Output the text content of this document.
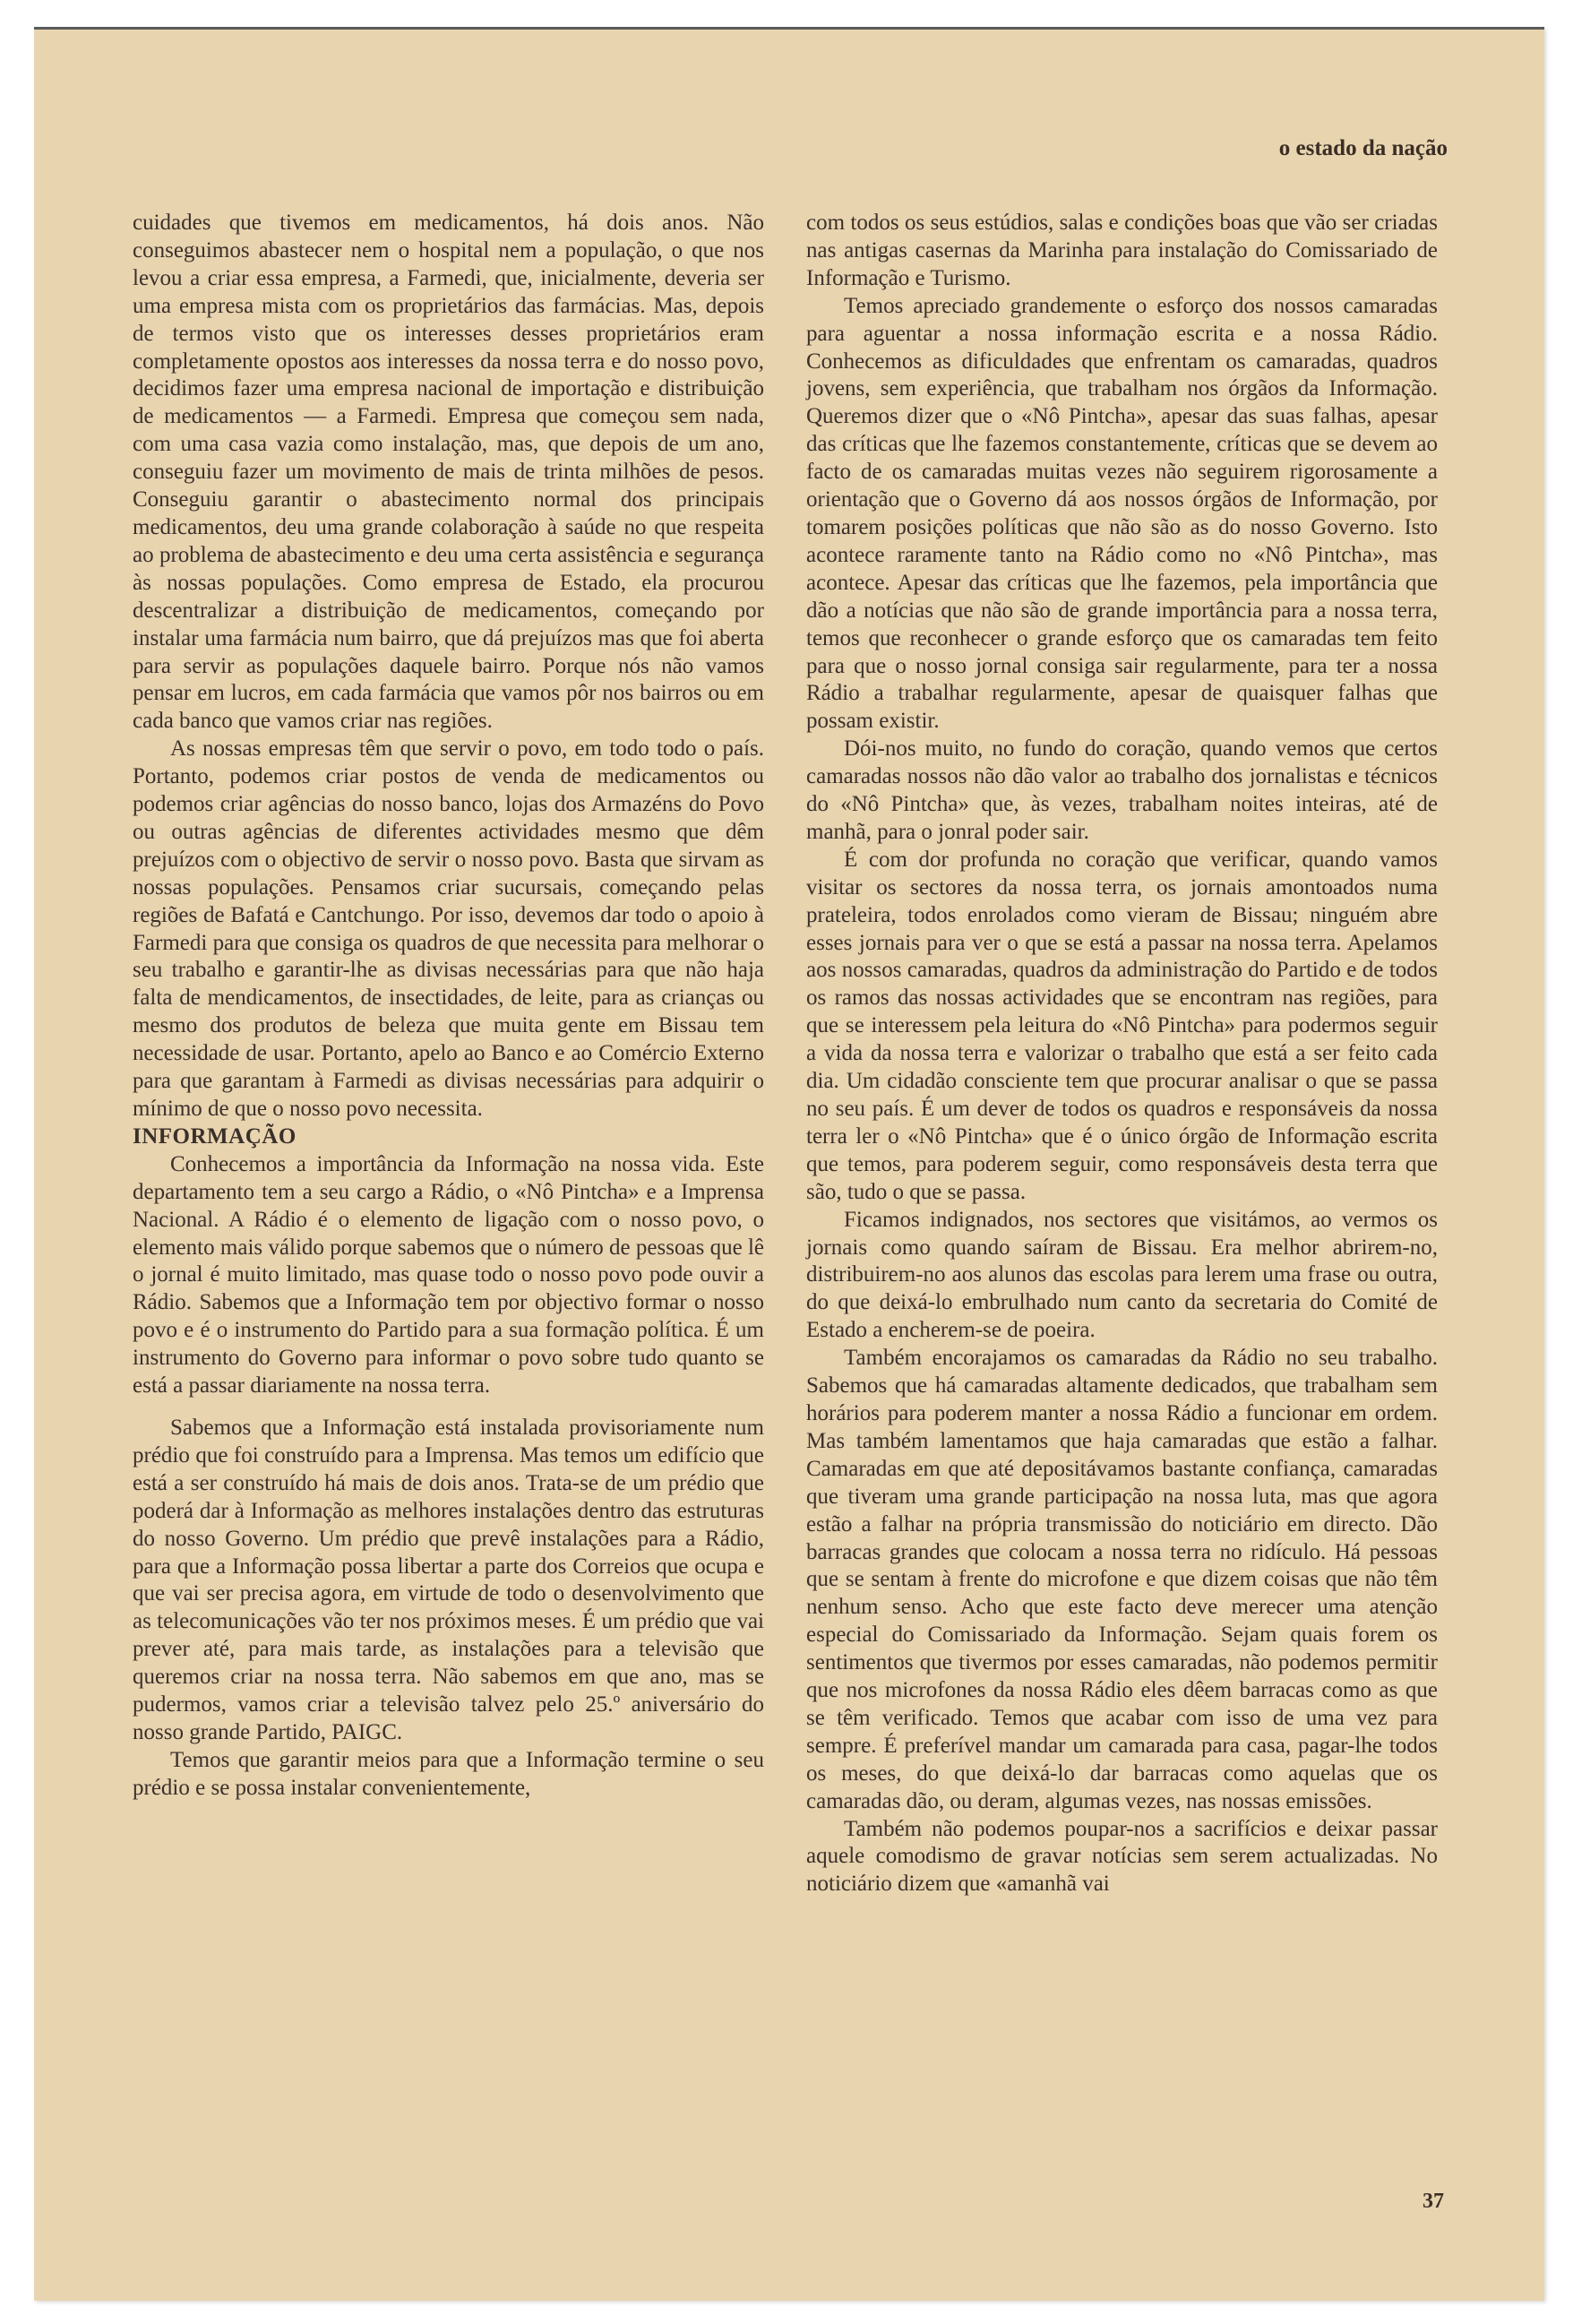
o estado da nação

cuidades que tivemos em medicamentos, há dois anos. Não conseguimos abastecer nem o hospital nem a população, o que nos levou a criar essa empresa, a Farmedi, que, inicialmente, deveria ser uma empresa mista com os proprietários das farmácias. Mas, depois de termos visto que os interesses desses proprietários eram completamente opostos aos interesses da nossa terra e do nosso povo, decidimos fazer uma empresa nacional de importação e distribuição de medicamentos — a Farmedi. Empresa que começou sem nada, com uma casa vazia como instalação, mas, que depois de um ano, conseguiu fazer um movimento de mais de trinta milhões de pesos. Conseguiu garantir o abastecimento normal dos principais medicamentos, deu uma grande colaboração à saúde no que respeita ao problema de abastecimento e deu uma certa assistência e segurança às nossas populações. Como empresa de Estado, ela procurou descentralizar a distribuição de medicamentos, começando por instalar uma farmácia num bairro, que dá prejuízos mas que foi aberta para servir as populações daquele bairro. Porque nós não vamos pensar em lucros, em cada farmácia que vamos pôr nos bairros ou em cada banco que vamos criar nas regiões.

As nossas empresas têm que servir o povo, em todo todo o país. Portanto, podemos criar postos de venda de medicamentos ou podemos criar agências do nosso banco, lojas dos Armazéns do Povo ou outras agências de diferentes actividades mesmo que dêm prejuízos com o objectivo de servir o nosso povo. Basta que sirvam as nossas populações. Pensamos criar sucursais, começando pelas regiões de Bafatá e Cantchungo. Por isso, devemos dar todo o apoio à Farmedi para que consiga os quadros de que necessita para melhorar o seu trabalho e garantir-lhe as divisas necessárias para que não haja falta de mendicamentos, de insectidades, de leite, para as crianças ou mesmo dos produtos de beleza que muita gente em Bissau tem necessidade de usar. Portanto, apelo ao Banco e ao Comércio Externo para que garantam à Farmedi as divisas necessárias para adquirir o mínimo de que o nosso povo necessita.

INFORMAÇÃO

Conhecemos a importância da Informação na nossa vida. Este departamento tem a seu cargo a Rádio, o «Nô Pintcha» e a Imprensa Nacional. A Rádio é o elemento de ligação com o nosso povo, o elemento mais válido porque sabemos que o número de pessoas que lê o jornal é muito limitado, mas quase todo o nosso povo pode ouvir a Rádio. Sabemos que a Informação tem por objectivo formar o nosso povo e é o instrumento do Partido para a sua formação política. É um instrumento do Governo para informar o povo sobre tudo quanto se está a passar diariamente na nossa terra.

Sabemos que a Informação está instalada provisoriamente num prédio que foi construído para a Imprensa. Mas temos um edifício que está a ser construído há mais de dois anos. Trata-se de um prédio que poderá dar à Informação as melhores instalações dentro das estruturas do nosso Governo. Um prédio que prevê instalações para a Rádio, para que a Informação possa libertar a parte dos Correios que ocupa e que vai ser precisa agora, em virtude de todo o desenvolvimento que as telecomunicações vão ter nos próximos meses. É um prédio que vai prever até, para mais tarde, as instalações para a televisão que queremos criar na nossa terra. Não sabemos em que ano, mas se pudermos, vamos criar a televisão talvez pelo 25.º aniversário do nosso grande Partido, PAIGC.

Temos que garantir meios para que a Informação termine o seu prédio e se possa instalar convenientemente,

com todos os seus estúdios, salas e condições boas que vão ser criadas nas antigas casernas da Marinha para instalação do Comissariado de Informação e Turismo.

Temos apreciado grandemente o esforço dos nossos camaradas para aguentar a nossa informação escrita e a nossa Rádio. Conhecemos as dificuldades que enfrentam os camaradas, quadros jovens, sem experiência, que trabalham nos órgãos da Informação. Queremos dizer que o «Nô Pintcha», apesar das suas falhas, apesar das críticas que lhe fazemos constantemente, críticas que se devem ao facto de os camaradas muitas vezes não seguirem rigorosamente a orientação que o Governo dá aos nossos órgãos de Informação, por tomarem posições políticas que não são as do nosso Governo. Isto acontece raramente tanto na Rádio como no «Nô Pintcha», mas acontece. Apesar das críticas que lhe fazemos, pela importância que dão a notícias que não são de grande importância para a nossa terra, temos que reconhecer o grande esforço que os camaradas tem feito para que o nosso jornal consiga sair regularmente, para ter a nossa Rádio a trabalhar regularmente, apesar de quaisquer falhas que possam existir.

Dói-nos muito, no fundo do coração, quando vemos que certos camaradas nossos não dão valor ao trabalho dos jornalistas e técnicos do «Nô Pintcha» que, às vezes, trabalham noites inteiras, até de manhã, para o jonral poder sair.

É com dor profunda no coração que verificar, quando vamos visitar os sectores da nossa terra, os jornais amontoados numa prateleira, todos enrolados como vieram de Bissau; ninguém abre esses jornais para ver o que se está a passar na nossa terra. Apelamos aos nossos camaradas, quadros da administração do Partido e de todos os ramos das nossas actividades que se encontram nas regiões, para que se interessem pela leitura do «Nô Pintcha» para podermos seguir a vida da nossa terra e valorizar o trabalho que está a ser feito cada dia. Um cidadão consciente tem que procurar analisar o que se passa no seu país. É um dever de todos os quadros e responsáveis da nossa terra ler o «Nô Pintcha» que é o único órgão de Informação escrita que temos, para poderem seguir, como responsáveis desta terra que são, tudo o que se passa.

Ficamos indignados, nos sectores que visitámos, ao vermos os jornais como quando saíram de Bissau. Era melhor abrirem-no, distribuirem-no aos alunos das escolas para lerem uma frase ou outra, do que deixá-lo embrulhado num canto da secretaria do Comité de Estado a encherem-se de poeira.

Também encorajamos os camaradas da Rádio no seu trabalho. Sabemos que há camaradas altamente dedicados, que trabalham sem horários para poderem manter a nossa Rádio a funcionar em ordem. Mas também lamentamos que haja camaradas que estão a falhar. Camaradas em que até depositávamos bastante confiança, camaradas que tiveram uma grande participação na nossa luta, mas que agora estão a falhar na própria transmissão do noticiário em directo. Dão barracas grandes que colocam a nossa terra no ridículo. Há pessoas que se sentam à frente do microfone e que dizem coisas que não têm nenhum senso. Acho que este facto deve merecer uma atenção especial do Comissariado da Informação. Sejam quais forem os sentimentos que tivermos por esses camaradas, não podemos permitir que nos microfones da nossa Rádio eles dêem barracas como as que se têm verificado. Temos que acabar com isso de uma vez para sempre. É preferível mandar um camarada para casa, pagar-lhe todos os meses, do que deixá-lo dar barracas como aquelas que os camaradas dão, ou deram, algumas vezes, nas nossas emissões.

Também não podemos poupar-nos a sacrifícios e deixar passar aquele comodismo de gravar notícias sem serem actualizadas. No noticiário dizem que «amanhã vai

37
